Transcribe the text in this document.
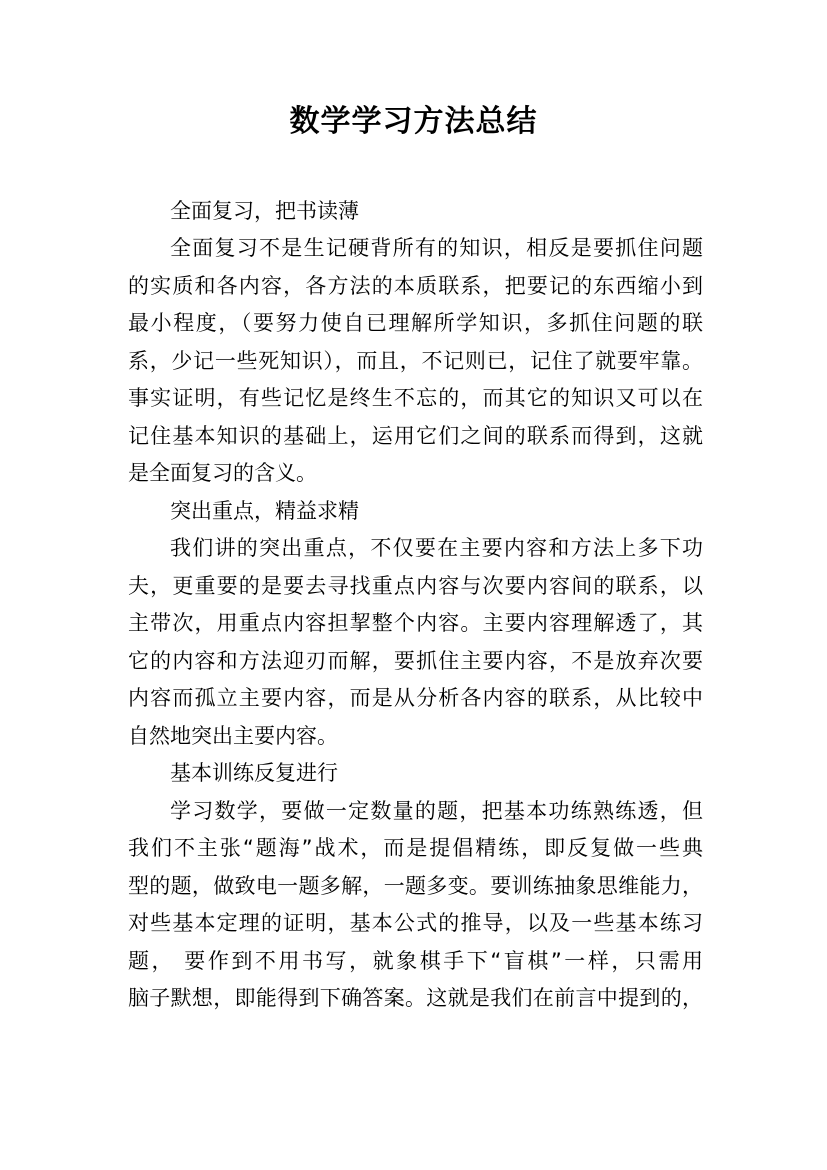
数学学习方法总结
全面复习，把书读薄
全面复习不是生记硬背所有的知识，相反是要抓住问题
的实质和各内容，各方法的本质联系，把要记的东西缩小到
最小程度，（要努力使自已理解所学知识，多抓住问题的联
系，少记一些死知识），而且，不记则已，记住了就要牢靠。
事实证明，有些记忆是终生不忘的，而其它的知识又可以在
记住基本知识的基础上，运用它们之间的联系而得到，这就
是全面复习的含义。
突出重点，精益求精
我们讲的突出重点，不仅要在主要内容和方法上多下功
夫，更重要的是要去寻找重点内容与次要内容间的联系，以
主带次，用重点内容担挈整个内容。主要内容理解透了，其
它的内容和方法迎刃而解，要抓住主要内容，不是放弃次要
内容而孤立主要内容，而是从分析各内容的联系，从比较中
自然地突出主要内容。
基本训练反复进行
学习数学，要做一定数量的题，把基本功练熟练透，但
我们不主张“题海”战术，而是提倡精练，即反复做一些典
型的题，做致电一题多解，一题多变。要训练抽象思维能力，
对些基本定理的证明，基本公式的推导，以及一些基本练习
题， 要作到不用书写，就象棋手下“盲棋”一样，只需用
脑子默想，即能得到下确答案。这就是我们在前言中提到的，
